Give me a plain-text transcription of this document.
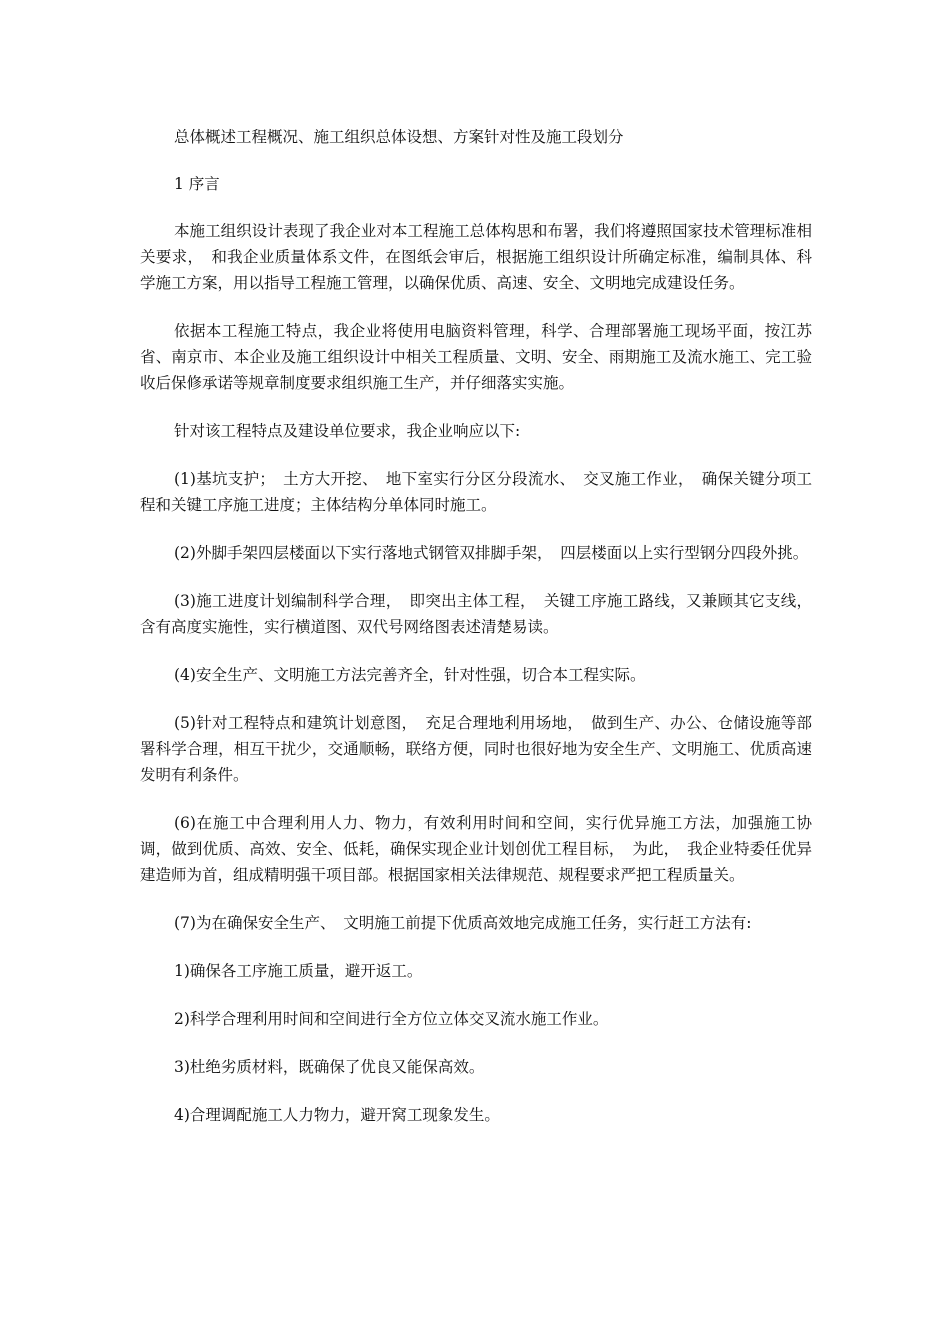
总体概述工程概况、施工组织总体设想、方案针对性及施工段划分
1 序言
本施工组织设计表现了我企业对本工程施工总体构思和布署，我们将遵照国家技术管理标准相关要求，　和我企业质量体系文件，在图纸会审后，根据施工组织设计所确定标准，编制具体、科学施工方案，用以指导工程施工管理，以确保优质、高速、安全、文明地完成建设任务。
依据本工程施工特点，我企业将使用电脑资料管理，科学、合理部署施工现场平面，按江苏省、南京市、本企业及施工组织设计中相关工程质量、文明、安全、雨期施工及流水施工、完工验收后保修承诺等规章制度要求组织施工生产，并仔细落实实施。
针对该工程特点及建设单位要求，我企业响应以下:
(1)基坑支护；　土方大开挖、　地下室实行分区分段流水、　交叉施工作业，　确保关键分项工程和关键工序施工进度；主体结构分单体同时施工。
(2)外脚手架四层楼面以下实行落地式钢管双排脚手架，　四层楼面以上实行型钢分四段外挑。
(3)施工进度计划编制科学合理，　即突出主体工程，　关键工序施工路线，又兼顾其它支线，含有高度实施性，实行横道图、双代号网络图表述清楚易读。
(4)安全生产、文明施工方法完善齐全，针对性强，切合本工程实际。
(5)针对工程特点和建筑计划意图，　充足合理地利用场地，　做到生产、办公、仓储设施等部署科学合理，相互干扰少，交通顺畅，联络方便，同时也很好地为安全生产、文明施工、优质高速发明有利条件。
(6)在施工中合理利用人力、物力，有效利用时间和空间，实行优异施工方法，加强施工协调，做到优质、高效、安全、低耗，确保实现企业计划创优工程目标，　为此，　我企业特委任优异建造师为首，组成精明强干项目部。根据国家相关法律规范、规程要求严把工程质量关。
(7)为在确保安全生产、　文明施工前提下优质高效地完成施工任务，实行赶工方法有:
1)确保各工序施工质量，避开返工。
2)科学合理利用时间和空间进行全方位立体交叉流水施工作业。
3)杜绝劣质材料，既确保了优良又能保高效。
4)合理调配施工人力物力，避开窝工现象发生。
